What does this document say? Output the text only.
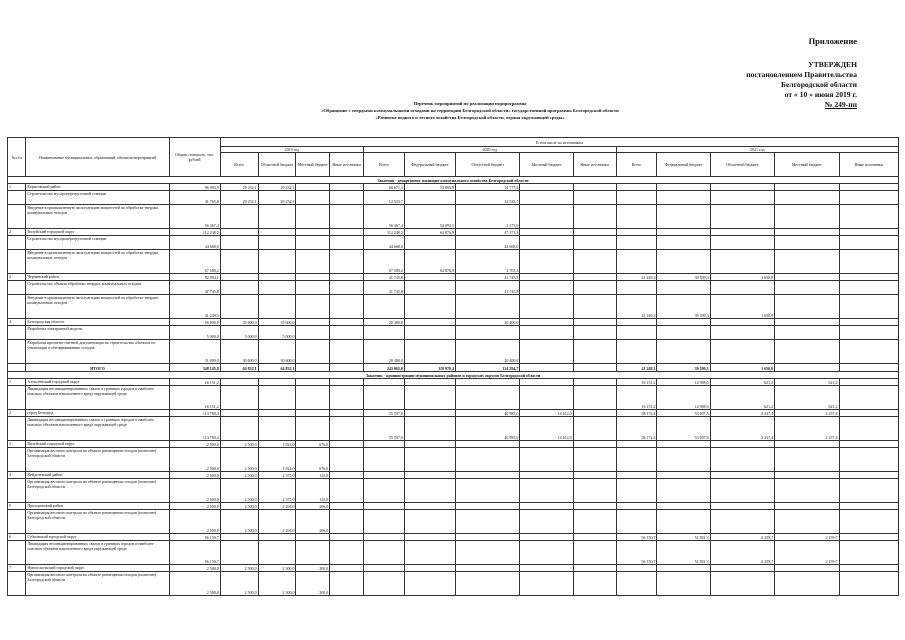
Приложение
УТВЕРЖДЕН
постановлением Правительства
Белгородской области
от « 10 » июня 2019 г.
№ 249-пп
Перечень мероприятий по реализации подпрограммы
«Обращение с твердыми коммунальными отходами на территории Белгородской области» государственной программы Белгородской области
«Развитие водного и лесного хозяйства Белгородской области, охрана окружающей среды»
№ п/п	Наименование муниципальных образований, объектов/мероприятий	Общая стоимость, тыс. рублей	В том числе по источникам													
			2019 год				2020 год					2021 год				
			Всего	Областной бюджет	Местный бюджет	Иные источники	Всего	Федеральный бюджет	Областной бюджет	Местный бюджет	Иные источники	Всего	Федеральный бюджет	Областной бюджет	Местный бюджет	Иные источники
Заказчик - департамент жилищно-коммунального хозяйства Белгородской области																
1	Борисовский район	96 903,5	29 232,1	29 232,1			68 671,3	53 893,8	14 777,6							
	Строительство мусороперегрузочной станции	41 765,8	29 232,1	29 232,1			12 533,7		12 533,7							
	Введение в промышленную эксплуатацию мощностей по обработке твердых коммунальных отходов	56 367,4					56 367,4	54 093,5	2 273,9							
2	Валуйский городской округ	112 248,2					112 248,2	64 876,9	47 371,3							
	Строительство мусороперегрузочной станции	44 668,0					44 668,0		44 668,0							
	Введение в промышленную эксплуатацию мощностей по обработке твердых коммунальных отходов	67 580,2					67 580,2	64 876,9	2 703,3							
3	Чернянский район	82 994,1					41 745,8		41 745,8			41 249,3	39 599,3	1 650,0		
	Строительство объекта обработки твердых коммунальных отходов	41 745,8					41 745,8		41 745,8							
	Введение в промышленную эксплуатацию мощностей по обработке твердых коммунальных отходов	41 249,3										41 249,3	39 599,3	1 650,0		
4	Белгородская область	56 000,0	35 600,0	35 600,0			20 400,0		20 400,0							
	Разработка электронной модели	5 000,0	5 000,0	5 000,0												
	Разработка проектно-сметной документации на строительство объектов по утилизации и обезвреживанию отходов	51 000,0	30 600,0	30 600,0			20 400,0		20 400,0							
	ИТОГО	348 145,8	64 832,1	64 832,1			243 065,0	118 970,4	124 294,7			41 249,3	39 599,3	1 650,0		
Заказчик - администрации муниципальных районов и городских округов Белгородской области																
1	Алексеевский городской округ	16 151,2										16 151,2	14 988,0	621,2	621,2	
	Ликвидация несанкционированных свалок в границах городов и наиболее опасных объектов накопленного вреда окружающей среде	16 151,2										16 151,2	14 988,0	621,2	621,2	
2	город Белгород	113 769,4					55 597,0		40 985,0	14 612,0		58 172,4	53 697,6	2 237,4	2 237,4	
	Ликвидация несанкционированных свалок в границах городов и наиболее опасных объектов накопленного вреда окружающей среде	113 769,4					55 597,0		40 985,0	14 612,0		58 172,4	53 697,6	2 237,4	2 237,4	
3	Валуйский городской округ	2 500,0	2 500,0	1 824,0	676,0											
	Организация весового контроля на объекте размещения отходов (полигоне) Белгородской области	2 500,0	2 500,0	1 824,0	676,0											
4	Вейделевский район	2 500,0	2 500,0	2 375,0	125,0											
	Организация весового контроля на объекте размещения отходов (полигоне) Белгородской области	2 500,0	2 500,0	2 375,0	125,0											
5	Прохоровский район	2 500,0	2 500,0	2 294,0	206,0											
	Организация весового контроля на объекте размещения отходов (полигоне) Белгородской области	2 500,0	2 500,0	2 294,0	206,0											
6	Губкинский городской округ	56 150,7										56 150,7	51 831,3	2 159,7	2 159,7	
	Ликвидация несанкционированных свалок в границах городов и наиболее опасных объектов накопленного вреда окружающей среде	56 150,7										56 150,7	51 831,3	2 159,7	2 159,7	
7	Новооскольский городской округ	2 500,0	2 500,0	2 300,0	200,0											
	Организация весового контроля на объекте размещения отходов (полигоне) Белгородской области	2 500,0	2 500,0	2 300,0	200,0											
